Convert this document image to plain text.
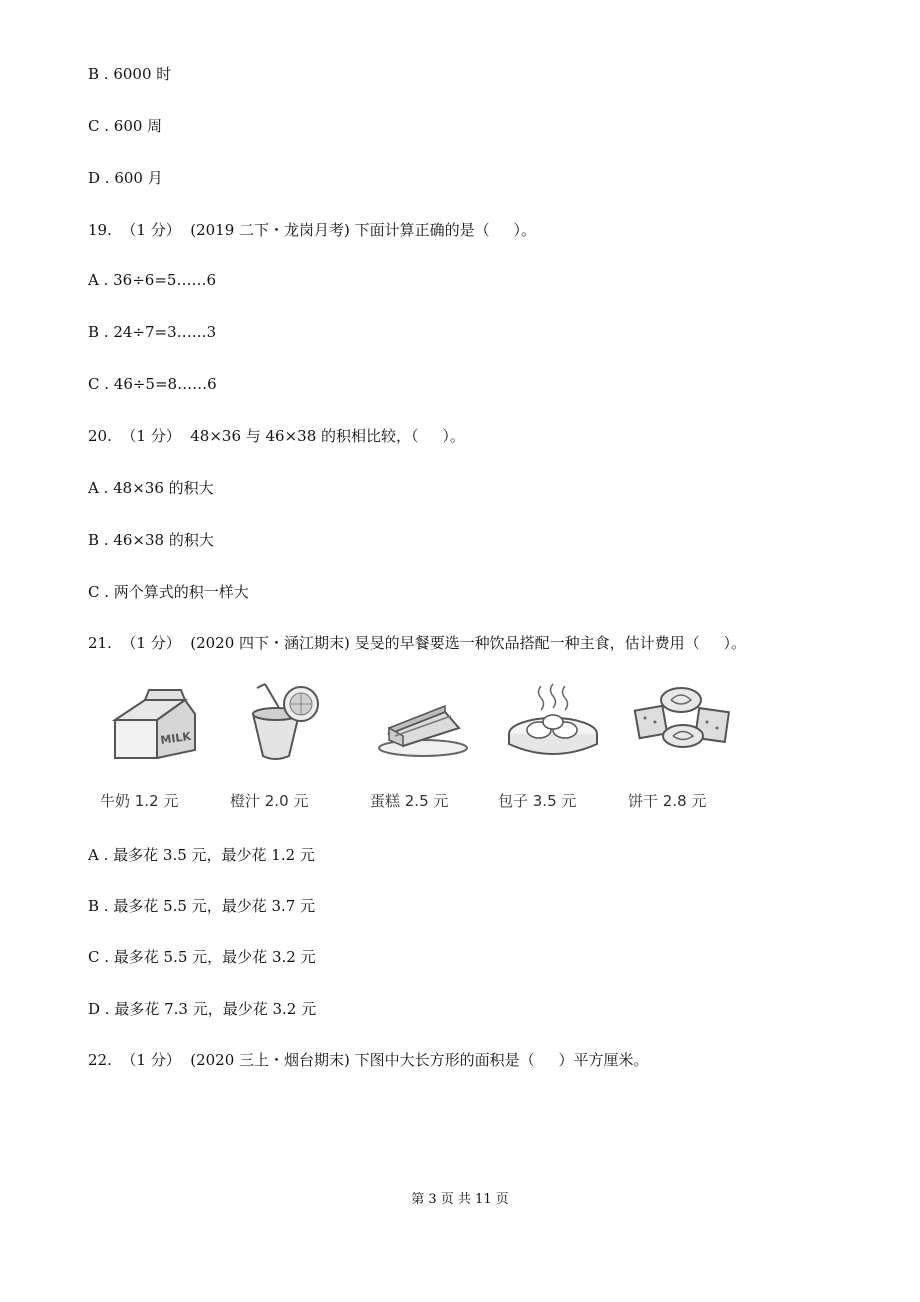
B . 6000 时
C . 600 周
D . 600 月
19.  （1 分）  (2019 二下・龙岗月考) 下面计算正确的是（     ）。
A . 36÷6=5……6
B . 24÷7=3……3
C . 46÷5=8……6
20.  （1 分）  48×36 与 46×38 的积相比较，（     ）。
A . 48×36 的积大
B . 46×38 的积大
C . 两个算式的积一样大
21.  （1 分）  (2020 四下・涵江期末) 旻旻的早餐要选一种饮品搭配一种主食，估计费用（     ）。
MILK
牛奶 1.2 元	橙汁 2.0 元	蛋糕 2.5 元	包子 3.5 元	饼干 2.8 元
A . 最多花 3.5 元，最少花 1.2 元
B . 最多花 5.5 元，最少花 3.7 元
C . 最多花 5.5 元，最少花 3.2 元
D . 最多花 7.3 元，最少花 3.2 元
22.  （1 分）  (2020 三上・烟台期末) 下图中大长方形的面积是（     ）平方厘米。
第 3 页 共 11 页
